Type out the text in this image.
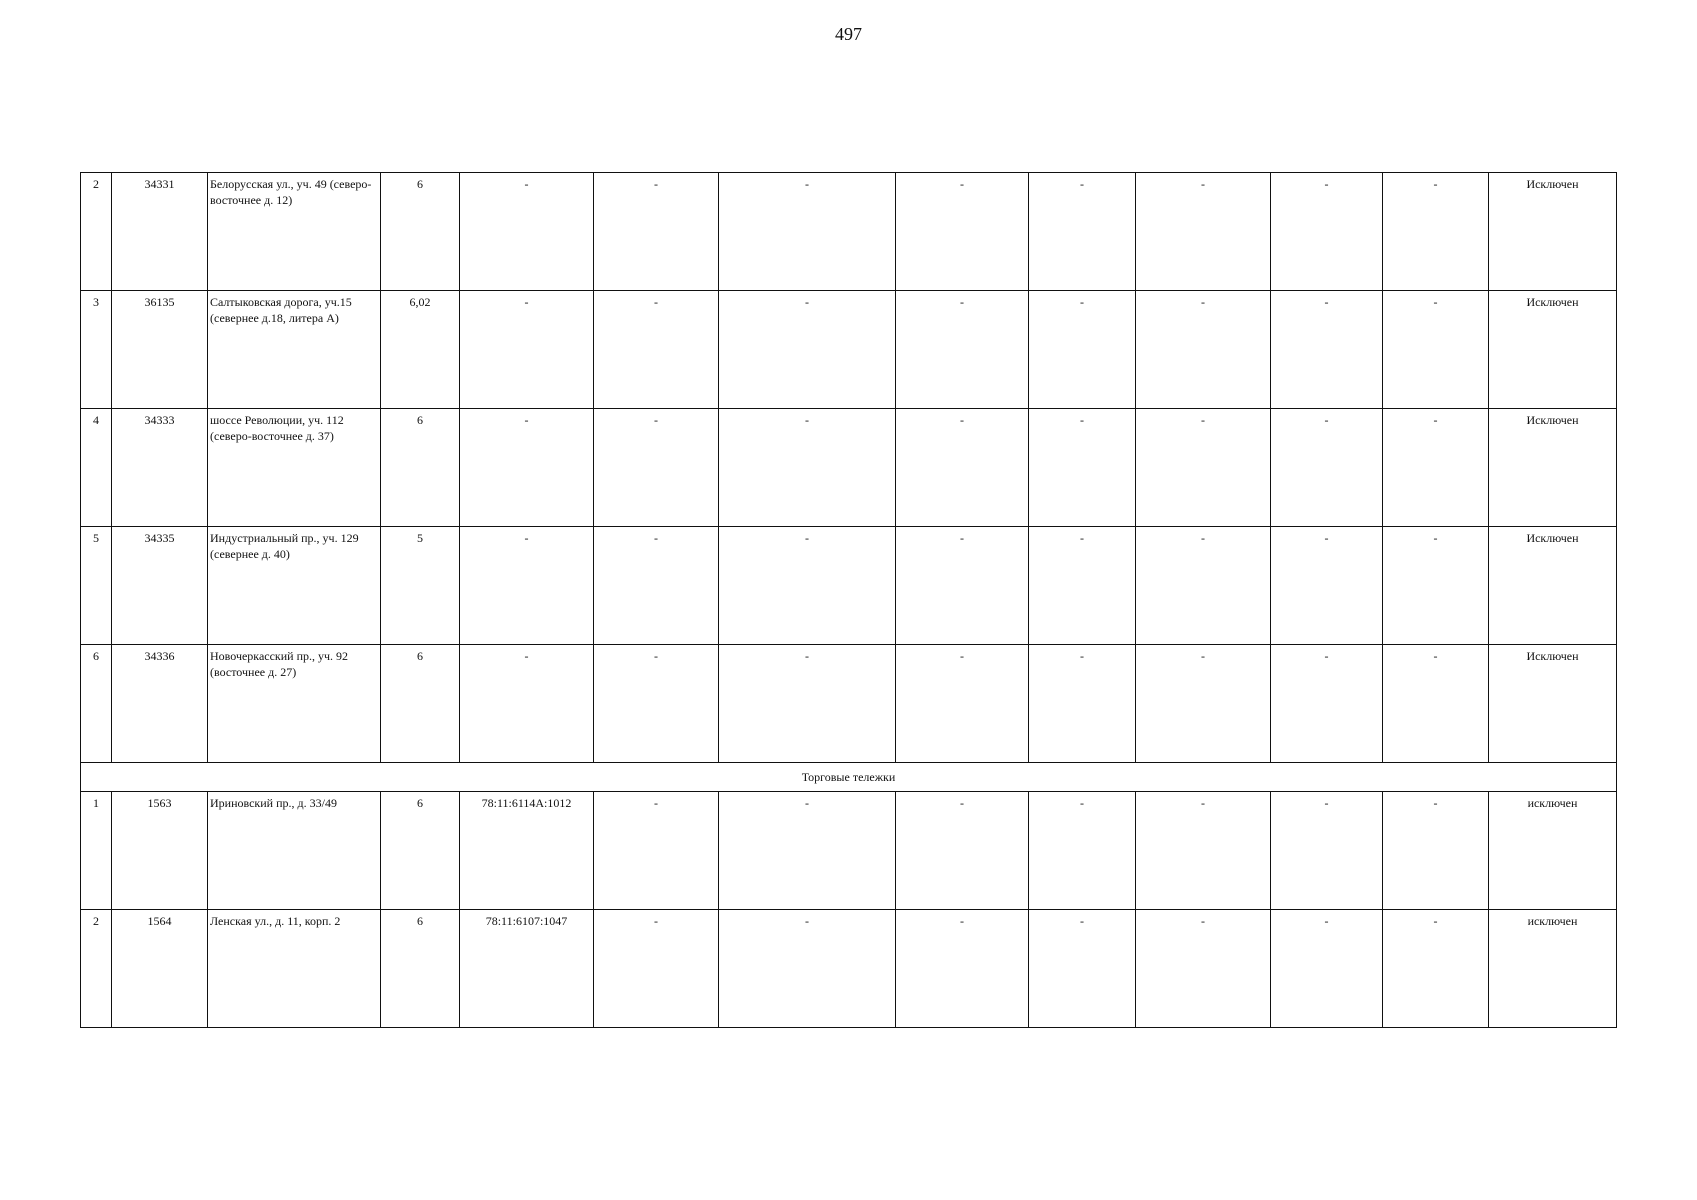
497
2	34331	Белорусская ул., уч. 49 (северо-восточнее д. 12)	6	-	-	-	-	-	-	-	-	Исключен
3	36135	Салтыковская дорога, уч.15 (севернее д.18, литера А)	6,02	-	-	-	-	-	-	-	-	Исключен
4	34333	шоссе Революции, уч. 112 (северо-восточнее д. 37)	6	-	-	-	-	-	-	-	-	Исключен
5	34335	Индустриальный пр., уч. 129 (севернее д. 40)	5	-	-	-	-	-	-	-	-	Исключен
6	34336	Новочеркасский пр., уч. 92 (восточнее д. 27)	6	-	-	-	-	-	-	-	-	Исключен
Торговые тележки												
1	1563	Ириновский пр., д. 33/49	6	78:11:6114А:1012	-	-	-	-	-	-	-	исключен
2	1564	Ленская ул., д. 11, корп. 2	6	78:11:6107:1047	-	-	-	-	-	-	-	исключен
